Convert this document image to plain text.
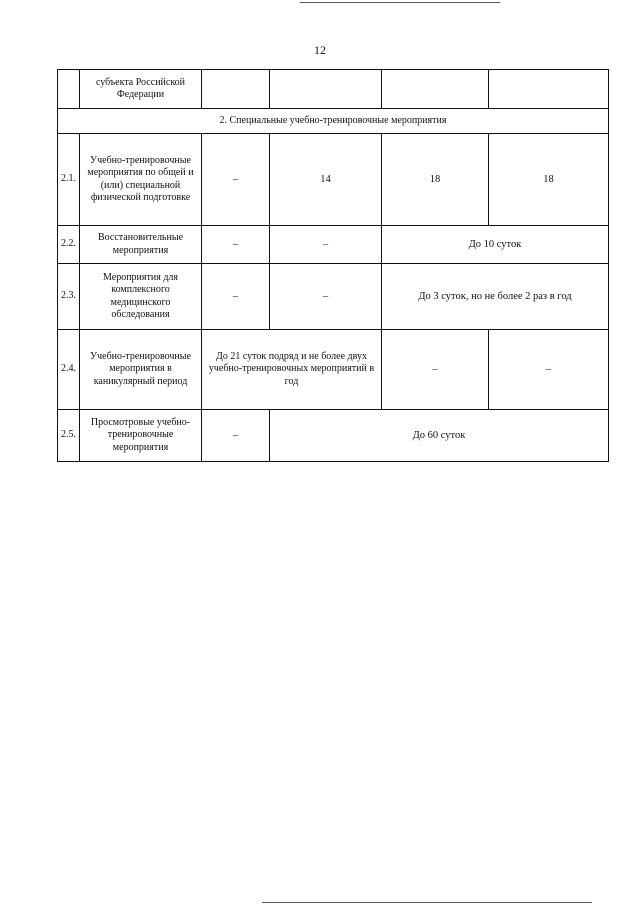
12
	субъекта Российской Федерации				
2. Специальные учебно-тренировочные мероприятия					
2.1.	Учебно-тренировочные мероприятия по общей и (или) специальной физической подготовке	–	14	18	18
2.2.	Восстановительные мероприятия	–	–	До 10 суток	
2.3.	Мероприятия для комплексного медицинского обследования	–	–	До 3 суток, но не более 2 раз в год	
2.4.	Учебно-тренировочные мероприятия в каникулярный период	До 21 суток подряд и не более двух учебно-тренировочных мероприятий в год		–	–
2.5.	Просмотровые учебно-тренировочные мероприятия	–	До 60 суток		
